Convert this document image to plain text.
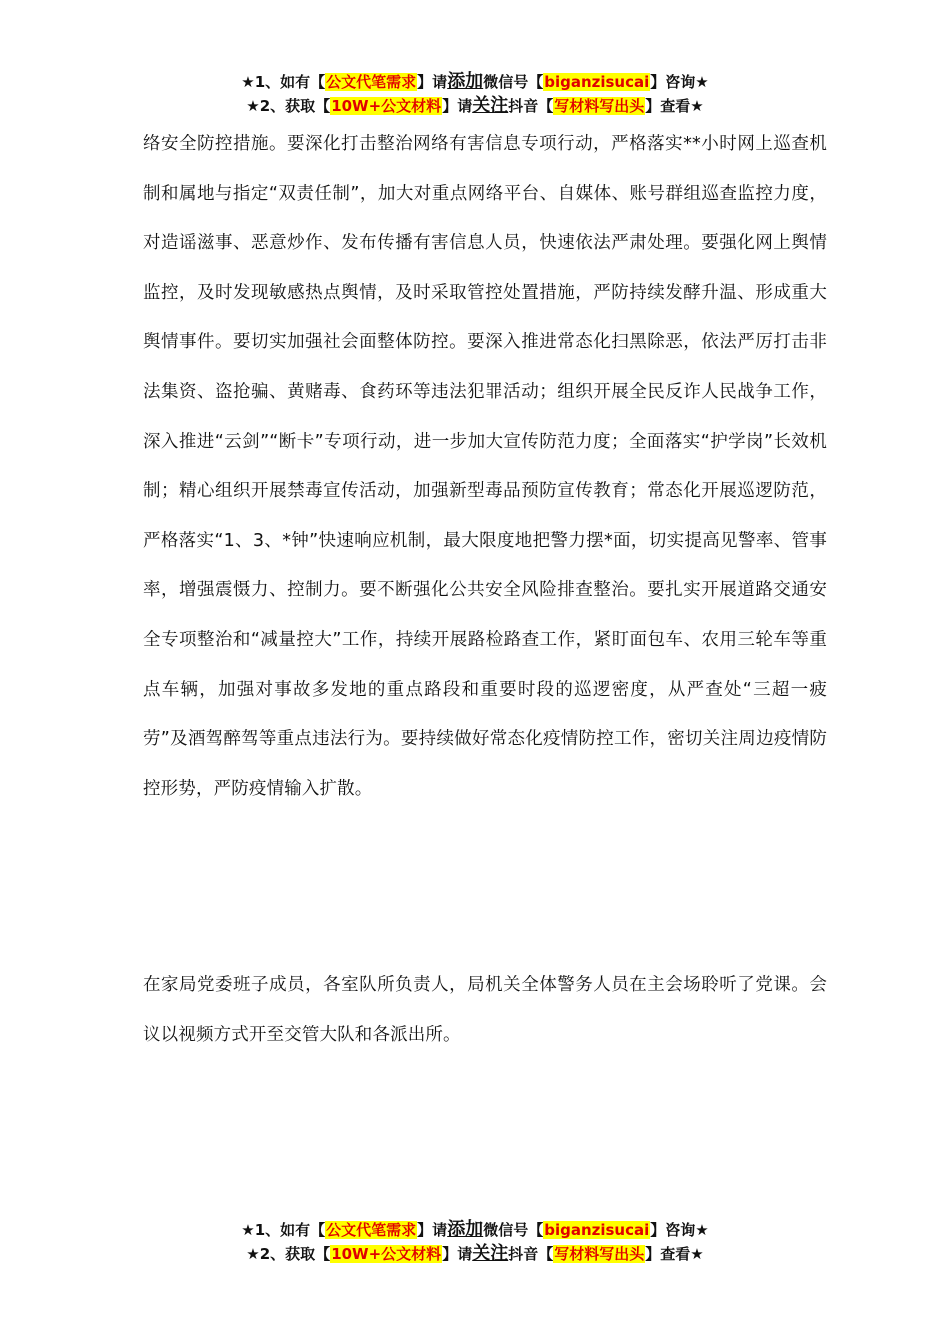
★1、如有【公文代笔需求】请添加微信号【biganzisucai】咨询★
★2、获取【10W+公文材料】请关注抖音【写材料写出头】查看★

络安全防控措施。要深化打击整治网络有害信息专项行动，严格落实**小时网上巡查机制和属地与指定“双责任制”，加大对重点网络平台、自媒体、账号群组巡查监控力度，对造谣滋事、恶意炒作、发布传播有害信息人员，快速依法严肃处理。要强化网上舆情监控，及时发现敏感热点舆情，及时采取管控处置措施，严防持续发酵升温、形成重大舆情事件。要切实加强社会面整体防控。要深入推进常态化扫黑除恶，依法严厉打击非法集资、盗抢骗、黄赌毒、食药环等违法犯罪活动；组织开展全民反诈人民战争工作，深入推进“云剑”“断卡”专项行动，进一步加大宣传防范力度；全面落实“护学岗”长效机制；精心组织开展禁毒宣传活动，加强新型毒品预防宣传教育；常态化开展巡逻防范，严格落实“1、3、*钟”快速响应机制，最大限度地把警力摆*面，切实提高见警率、管事率，增强震慑力、控制力。要不断强化公共安全风险排查整治。要扎实开展道路交通安全专项整治和“减量控大”工作，持续开展路检路查工作，紧盯面包车、农用三轮车等重点车辆，加强对事故多发地的重点路段和重要时段的巡逻密度，从严查处“三超一疲劳”及酒驾醉驾等重点违法行为。要持续做好常态化疫情防控工作，密切关注周边疫情防控形势，严防疫情输入扩散。

在家局党委班子成员，各室队所负责人，局机关全体警务人员在主会场聆听了党课。会议以视频方式开至交管大队和各派出所。

★1、如有【公文代笔需求】请添加微信号【biganzisucai】咨询★
★2、获取【10W+公文材料】请关注抖音【写材料写出头】查看★
